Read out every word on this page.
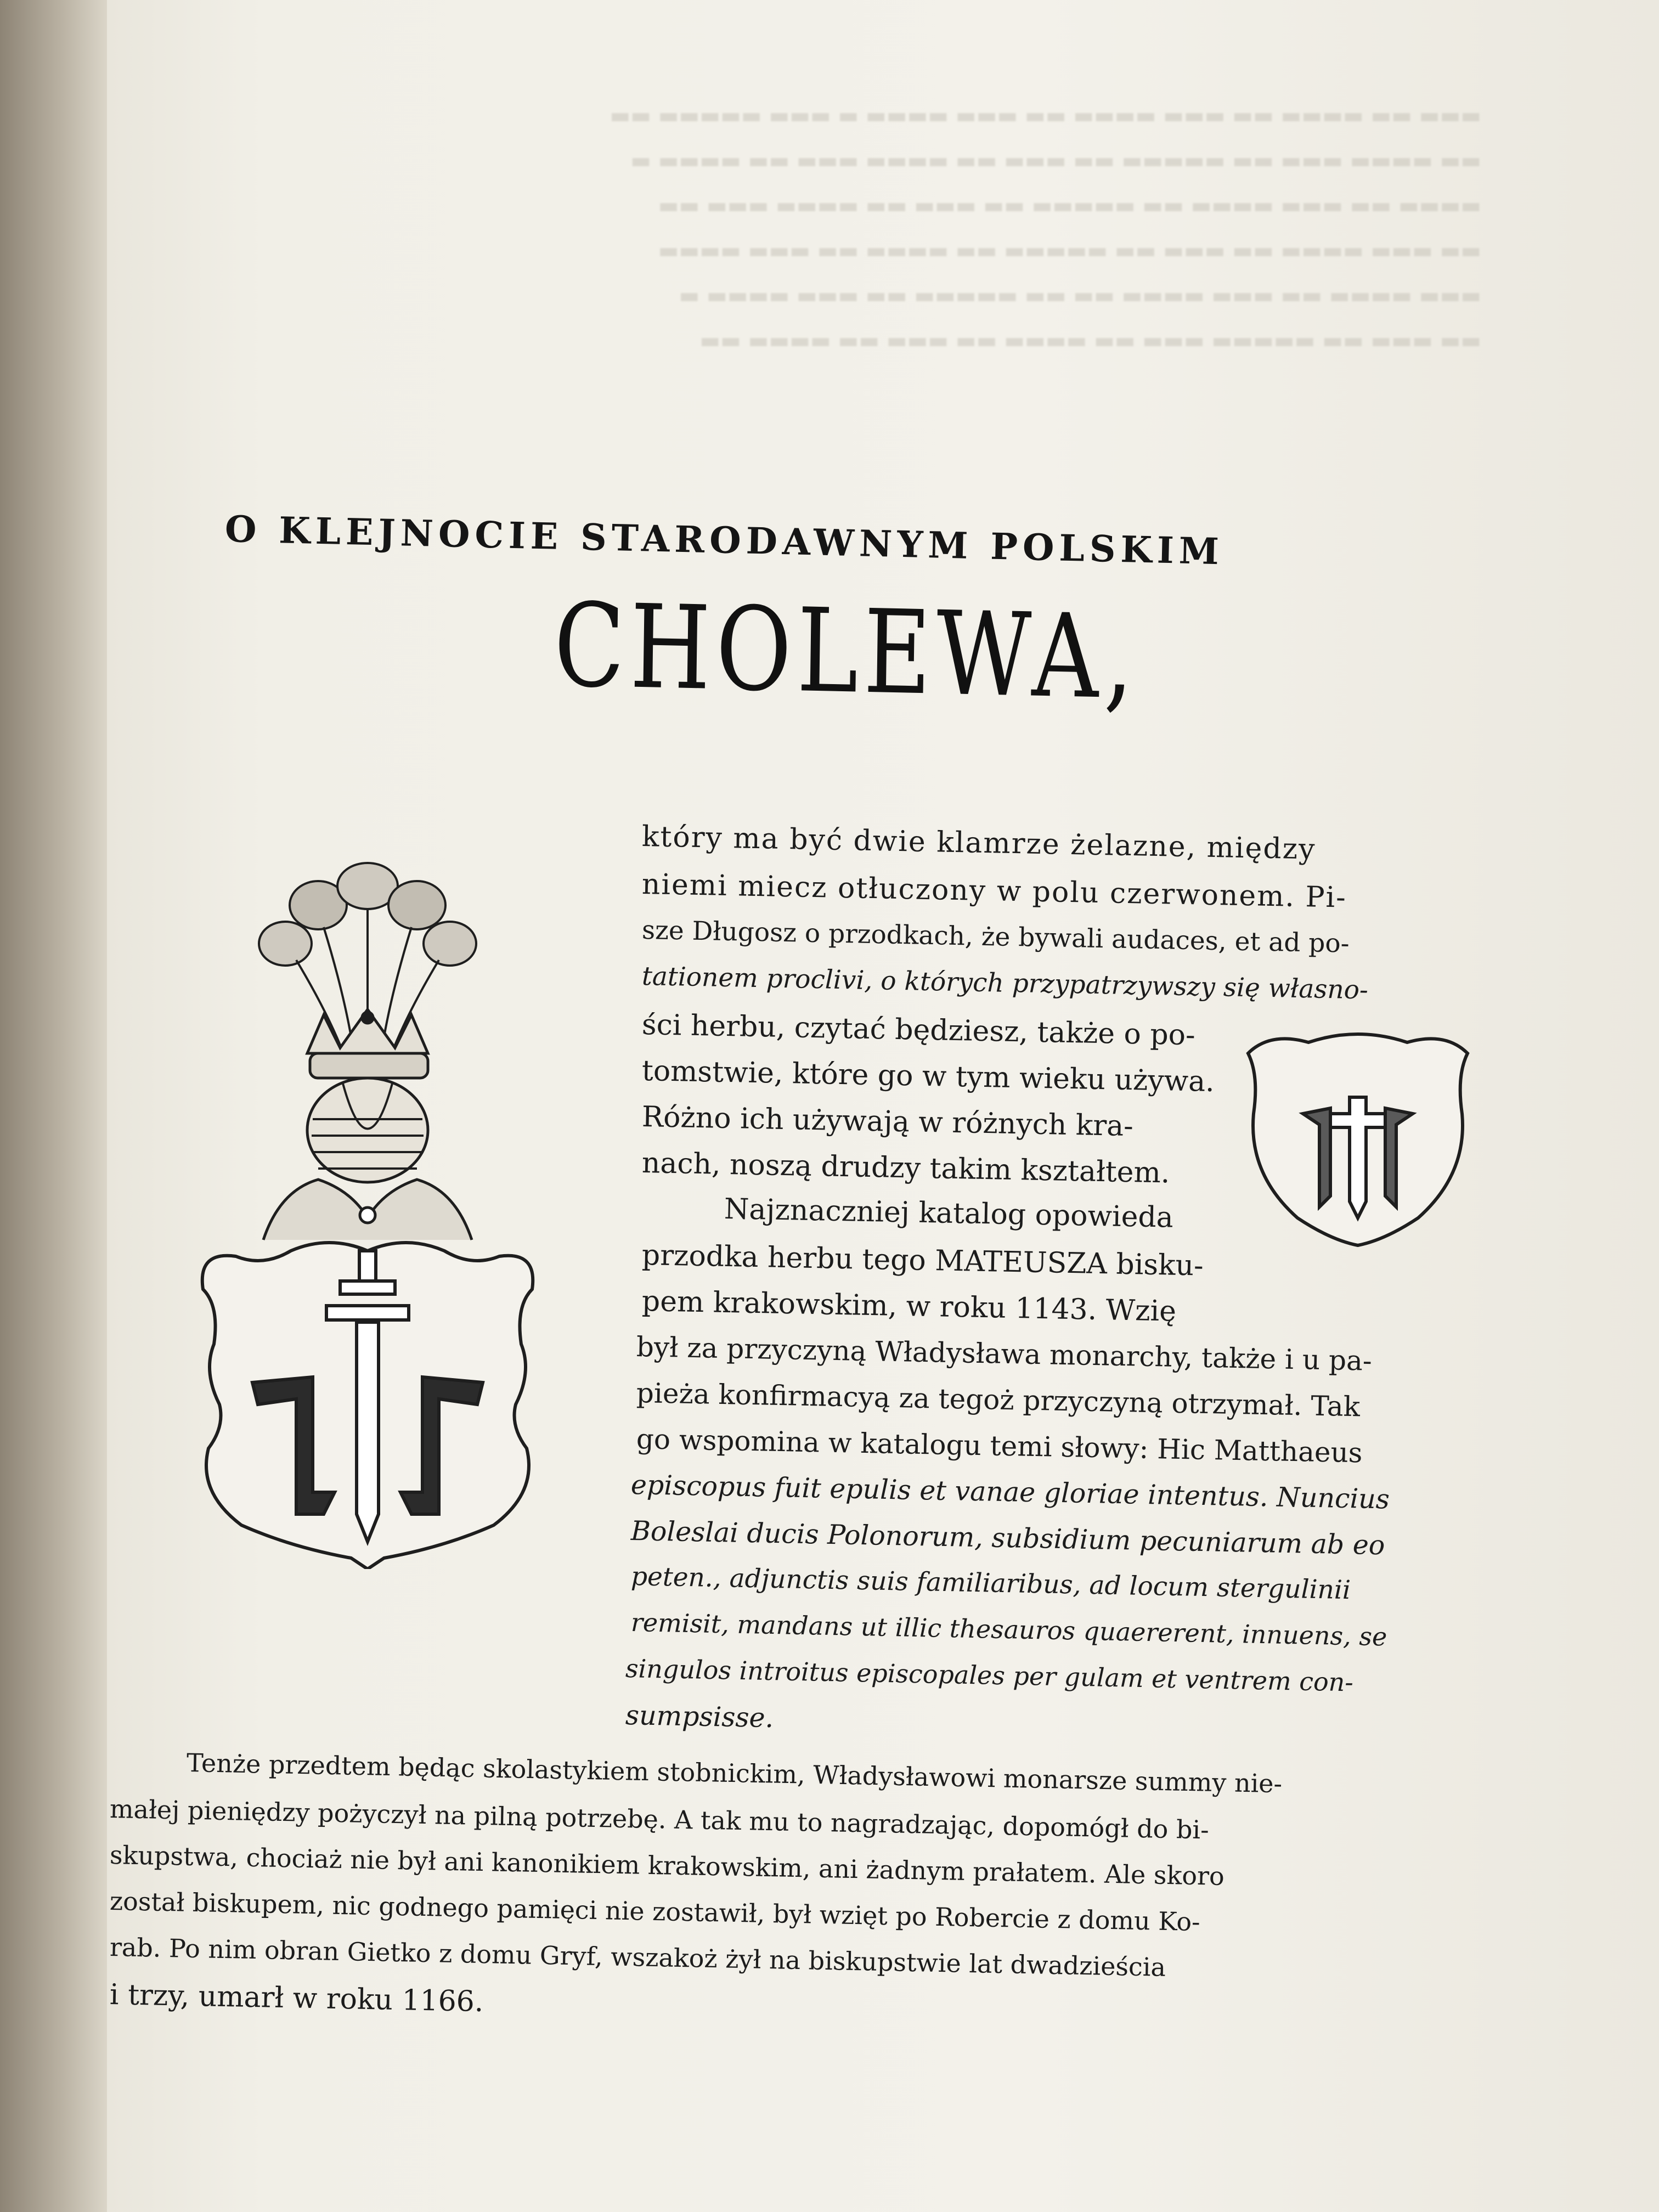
▬▬▬ ▬▬ ▬▬▬▬ ▬▬ ▬▬▬ ▬▬▬▬ ▬▬ ▬▬▬ ▬▬▬▬ ▬ ▬▬▬ ▬▬▬▬▬ ▬▬
▬▬ ▬▬▬▬ ▬▬▬ ▬▬ ▬▬▬▬▬ ▬▬ ▬▬▬ ▬▬ ▬▬▬▬ ▬▬▬ ▬▬ ▬▬▬▬ ▬
▬▬▬▬ ▬▬ ▬▬▬ ▬▬▬▬ ▬▬ ▬▬▬▬▬ ▬▬ ▬▬▬ ▬▬ ▬▬▬▬ ▬▬▬ ▬▬
▬▬ ▬▬▬ ▬▬▬▬ ▬▬ ▬▬▬ ▬▬ ▬▬▬▬▬ ▬▬ ▬▬▬▬ ▬▬ ▬▬▬ ▬▬▬▬
▬▬▬ ▬▬▬▬ ▬▬ ▬▬▬ ▬▬▬▬ ▬▬ ▬▬ ▬▬▬▬▬ ▬▬ ▬▬▬ ▬▬▬▬ ▬
▬▬ ▬▬▬ ▬▬ ▬▬▬▬▬ ▬▬▬ ▬▬ ▬▬▬▬ ▬▬ ▬▬▬ ▬▬ ▬▬▬▬ ▬▬
O KLEJNOCIE STARODAWNYM POLSKIM
CHOLEWA,
który ma być dwie klamrze żelazne, między
niemi miecz otłuczony w polu czerwonem. Pi-
sze Długosz o przodkach, że bywali audaces, et ad po-
tationem proclivi, o których przypatrzywszy się własno-
ści herbu, czytać będziesz, także o po-
tomstwie, które go w tym wieku używa.
Różno ich używają w różnych kra-
nach, noszą drudzy takim kształtem.
Najznaczniej katalog opowieda
przodka herbu tego MATEUSZA bisku-
pem krakowskim, w roku 1143. Wzię
był za przyczyną Władysława monarchy, także i u pa-
pieża konfirmacyą za tegoż przyczyną otrzymał. Tak
go wspomina w katalogu temi słowy: Hic Matthaeus
episcopus fuit epulis et vanae gloriae intentus. Nuncius
Boleslai ducis Polonorum, subsidium pecuniarum ab eo
peten., adjunctis suis familiaribus, ad locum stergulinii
remisit, mandans ut illic thesauros quaererent, innuens, se
singulos introitus episcopales per gulam et ventrem con-
sumpsisse.
Tenże przedtem będąc skolastykiem stobnickim, Władysławowi monarsze summy nie-
małej pieniędzy pożyczył na pilną potrzebę. A tak mu to nagradzając, dopomógł do bi-
skupstwa, chociaż nie był ani kanonikiem krakowskim, ani żadnym prałatem. Ale skoro
został biskupem, nic godnego pamięci nie zostawił, był wzięt po Robercie z domu Ko-
rab. Po nim obran Gietko z domu Gryf, wszakoż żył na biskupstwie lat dwadzieścia
i trzy, umarł w roku 1166.
